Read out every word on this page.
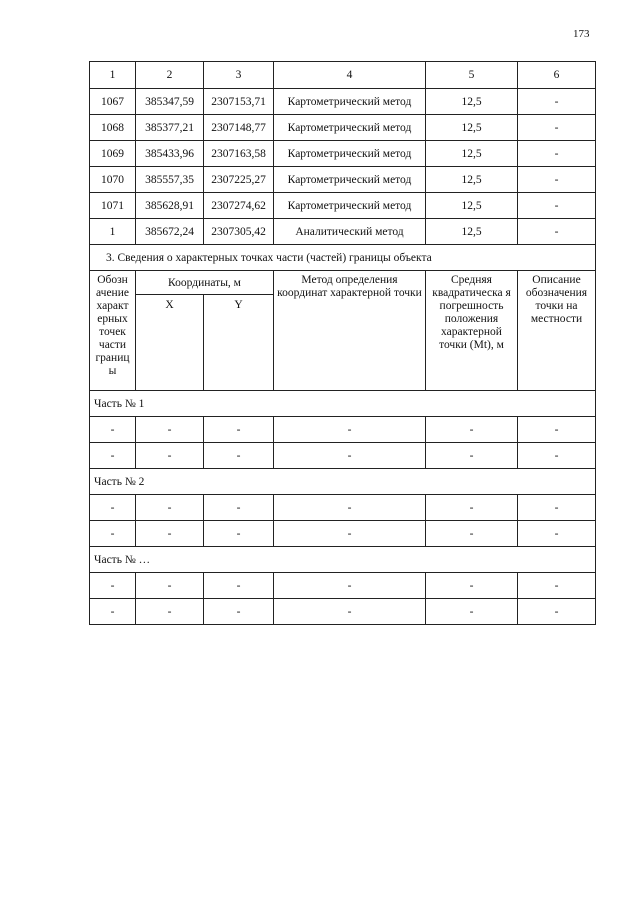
173
1	2	3	4	5	6
1067	385347,59	2307153,71	Картометрический метод	12,5	-
1068	385377,21	2307148,77	Картометрический метод	12,5	-
1069	385433,96	2307163,58	Картометрический метод	12,5	-
1070	385557,35	2307225,27	Картометрический метод	12,5	-
1071	385628,91	2307274,62	Картометрический метод	12,5	-
1	385672,24	2307305,42	Аналитический метод	12,5	-
3. Сведения о характерных точках части (частей) границы объекта					
Обозн ачение характ ерных точек части границ ы	Координаты, м		Метод определения координат характерной точки	Средняя квадратическа я погрешность положения характерной точки (Mt), м	Описание обозначения точки на местности
	X	Y			
Часть № 1					
-	-	-	-	-	-
-	-	-	-	-	-
Часть № 2					
-	-	-	-	-	-
-	-	-	-	-	-
Часть № …					
-	-	-	-	-	-
-	-	-	-	-	-
